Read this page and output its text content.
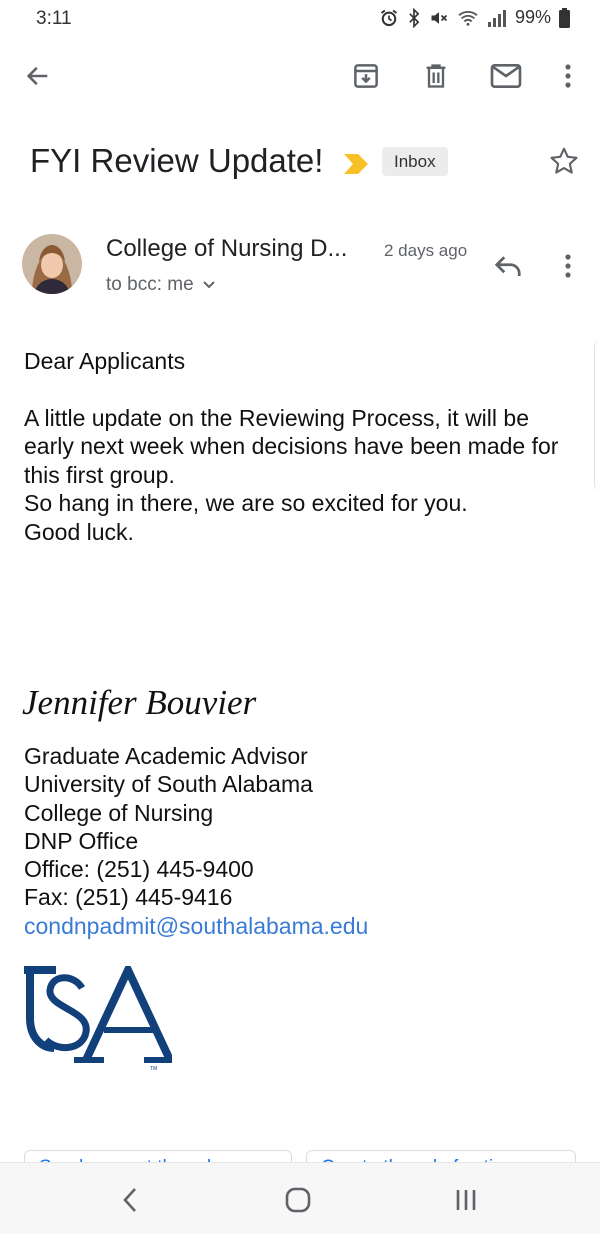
3:11	99%
FYI Review Update!	Inbox
College of Nursing D... 2 days ago
to bcc: me

Dear Applicants

A little update on the Reviewing Process, it will be early next week when decisions have been made for this first group.

So hang in there, we are so excited for you.

Good luck.

Jennifer Bouvier

Graduate Academic Advisor

University of South Alabama

College of Nursing

DNP Office

Office: (251) 445-9400

Fax: (251) 445-9416

condnpadmit@southalabama.edu

TM
